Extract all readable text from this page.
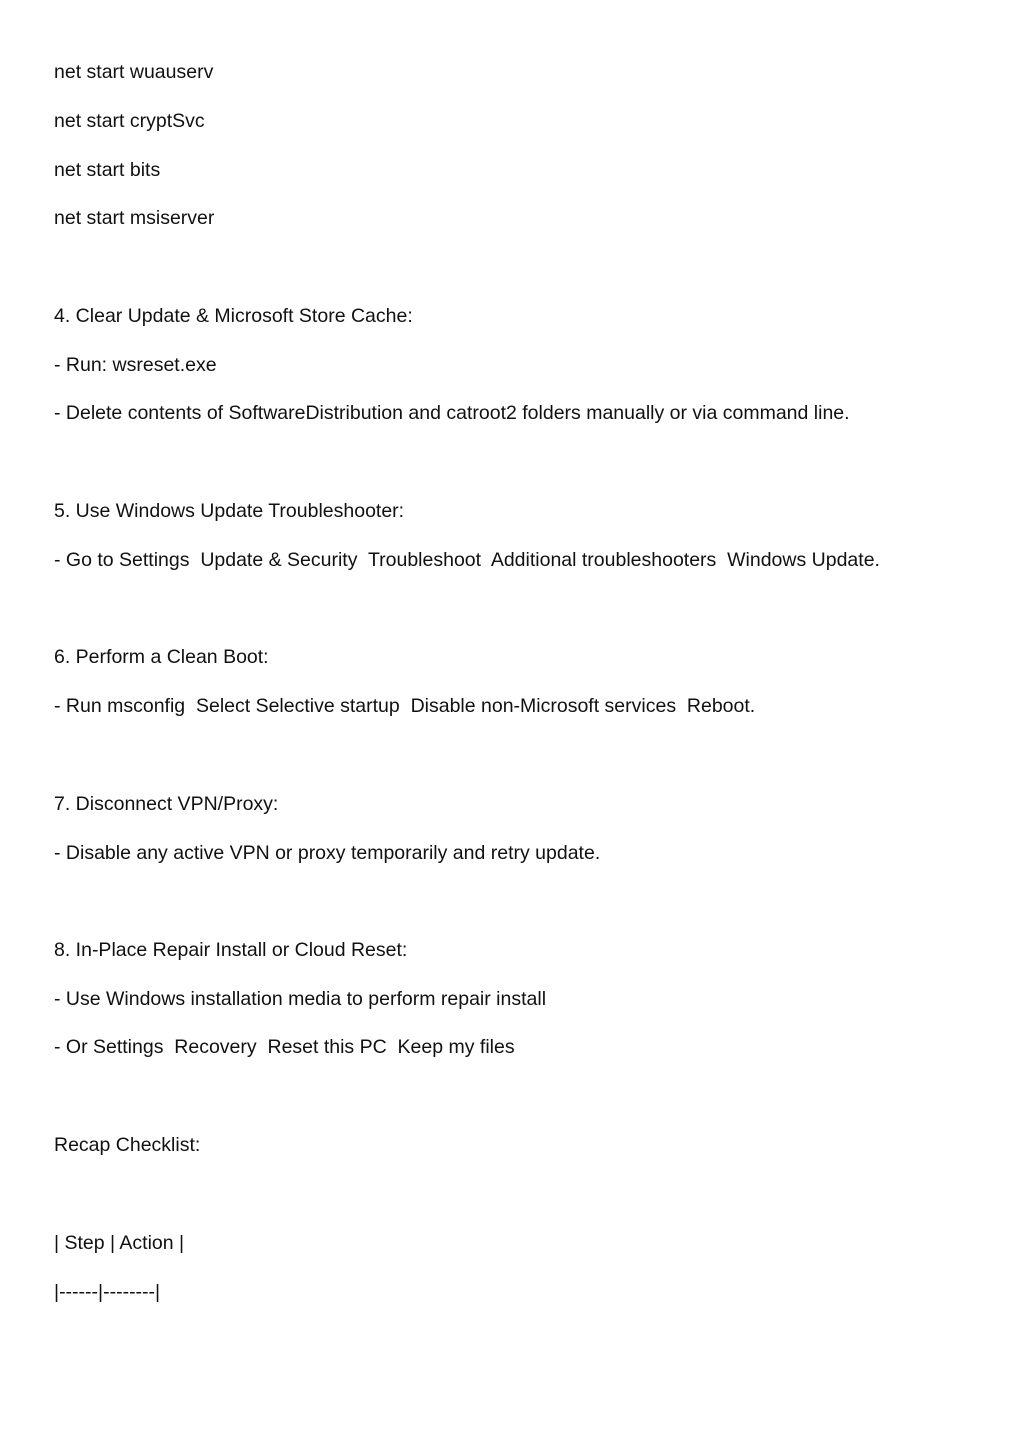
net start wuauserv

net start cryptSvc

net start bits

net start msiserver

4. Clear Update & Microsoft Store Cache:

- Run: wsreset.exe

- Delete contents of SoftwareDistribution and catroot2 folders manually or via command line.

5. Use Windows Update Troubleshooter:

- Go to Settings  Update & Security  Troubleshoot  Additional troubleshooters  Windows Update.

6. Perform a Clean Boot:

- Run msconfig  Select Selective startup  Disable non-Microsoft services  Reboot.

7. Disconnect VPN/Proxy:

- Disable any active VPN or proxy temporarily and retry update.

8. In-Place Repair Install or Cloud Reset:

- Use Windows installation media to perform repair install

- Or Settings  Recovery  Reset this PC  Keep my files

Recap Checklist:

| Step | Action |

|------|--------|
